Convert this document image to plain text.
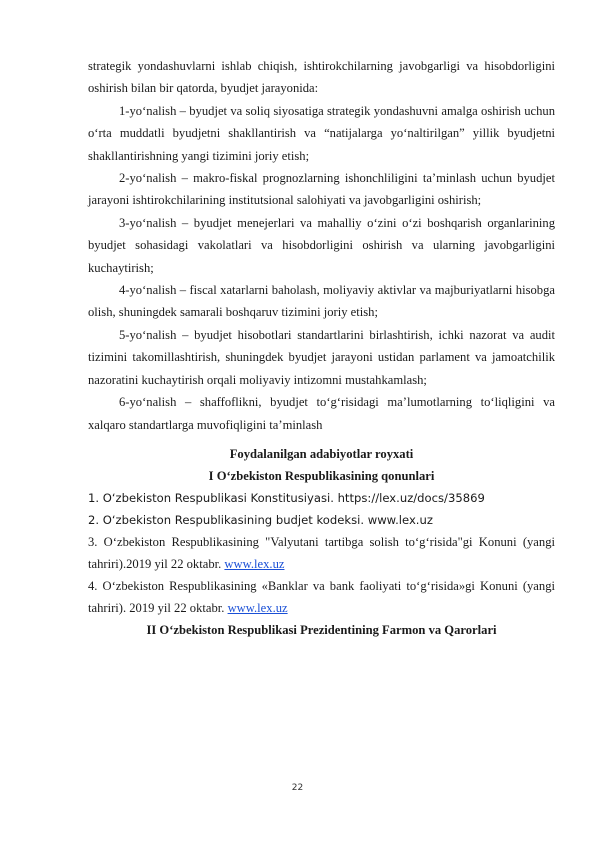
strategik yondashuvlarni ishlab chiqish, ishtirokchilarning javobgarligi va hisobdorligini oshirish bilan bir qatorda, byudjet jarayonida:

1-yo‘nalish – byudjet va soliq siyosatiga strategik yondashuvni amalga oshirish uchun o‘rta muddatli byudjetni shakllantirish va “natijalarga yo‘naltirilgan” yillik byudjetni shakllantirishning yangi tizimini joriy etish;

2-yo‘nalish – makro-fiskal prognozlarning ishonchliligini ta’minlash uchun byudjet jarayoni ishtirokchilarining institutsional salohiyati va javobgarligini oshirish;

3-yo‘nalish – byudjet menejerlari va mahalliy o‘zini o‘zi boshqarish organlarining byudjet sohasidagi vakolatlari va hisobdorligini oshirish va ularning javobgarligini kuchaytirish;

4-yo‘nalish – fiscal xatarlarni baholash, moliyaviy aktivlar va majburiyatlarni hisobga olish, shuningdek samarali boshqaruv tizimini joriy etish;

5-yo‘nalish – byudjet hisobotlari standartlarini birlashtirish, ichki nazorat va audit tizimini takomillashtirish, shuningdek byudjet jarayoni ustidan parlament va jamoatchilik nazoratini kuchaytirish orqali moliyaviy intizomni mustahkamlash;

6-yo‘nalish – shaffoflikni, byudjet to‘g‘risidagi ma’lumotlarning to‘liqligini va xalqaro standartlarga muvofiqligini ta’minlash

Foydalanilgan adabiyotlar royxati

I O‘zbekiston Respublikasining qonunlari

1. O‘zbekiston Respublikasi Konstitusiyasi. https://lex.uz/docs/35869

2. O‘zbekiston Respublikasining budjet kodeksi. www.lex.uz

3. O‘zbekiston Respublikasining "Valyutani tartibga solish to‘g‘risida"gi Konuni (yangi tahriri).2019 yil 22 oktabr. www.lex.uz

4. O‘zbekiston Respublikasining «Banklar va bank faoliyati to‘g‘risida»gi Konuni (yangi tahriri). 2019 yil 22 oktabr. www.lex.uz

II O‘zbekiston Respublikasi Prezidentining Farmon va Qarorlari

22
